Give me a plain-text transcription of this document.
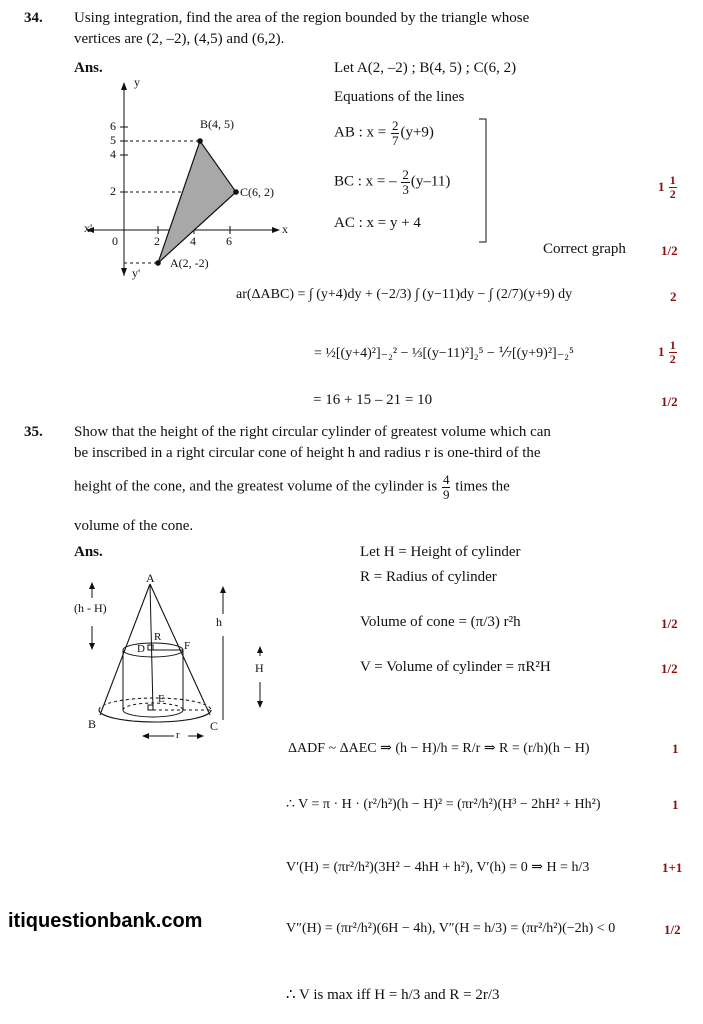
34. Using integration, find the area of the region bounded by the triangle whose
vertices are (2, –2), (4,5) and (6,2).
Ans.
y
y'
x
x'
0	2	4	6
6
5
4
2
B(4, 5)
C(6, 2)
A(2, -2)
Let A(2, –2) ; B(4, 5) ; C(6, 2)
Equations of the lines
AB : $x = \frac{2}{7} (y+9)$
BC : x = – $\frac{2}{3} (y-11)$
AC : x = y + 4
$1 \frac{1}{2}$
Correct graph	1/2
ar(ΔABC) = ∫ (y+4)dy + (−2/3) ∫ (y−11)dy − ∫ (2/7)(y+9) dy	2
= ½[(y+4)²]₋₂² − ⅓[(y−11)²]₂⁵ − ⅐[(y+9)²]₋₂⁵	$1 \frac{1}{2}$
= 16 + 15 – 21 = 10	1/2
35. Show that the height of the right circular cylinder of greatest volume which can
be inscribed in a right circular cone of height h and radius r is one-third of the
height of the cone, and the greatest volume of the cylinder is $\frac{4}{9}$ times the
volume of the cone.
Ans.
A
B	C
D
E
F
R
h
H
(h - H)
r
Let H = Height of cylinder
R = Radius of cylinder
Volume of cone = (π/3) r²h	1/2
V = Volume of cylinder = πR²H	1/2
ΔADF ~ ΔAEC ⇒ (h − H)/h = R/r ⇒ R = (r/h)(h − H)	1
∴ V = π · H · (r²/h²)(h − H)² = (πr²/h²)(H³ − 2hH² + Hh²)	1
V′(H) = (πr²/h²)(3H² − 4hH + h²), V′(h) = 0 ⇒ H = h/3	1+1
itiquestionbank.com	V″(H) = (πr²/h²)(6H − 4h), V″(H = h/3) = (πr²/h²)(−2h) < 0	1/2
∴ V is max iff H = h/3 and R = 2r/3
